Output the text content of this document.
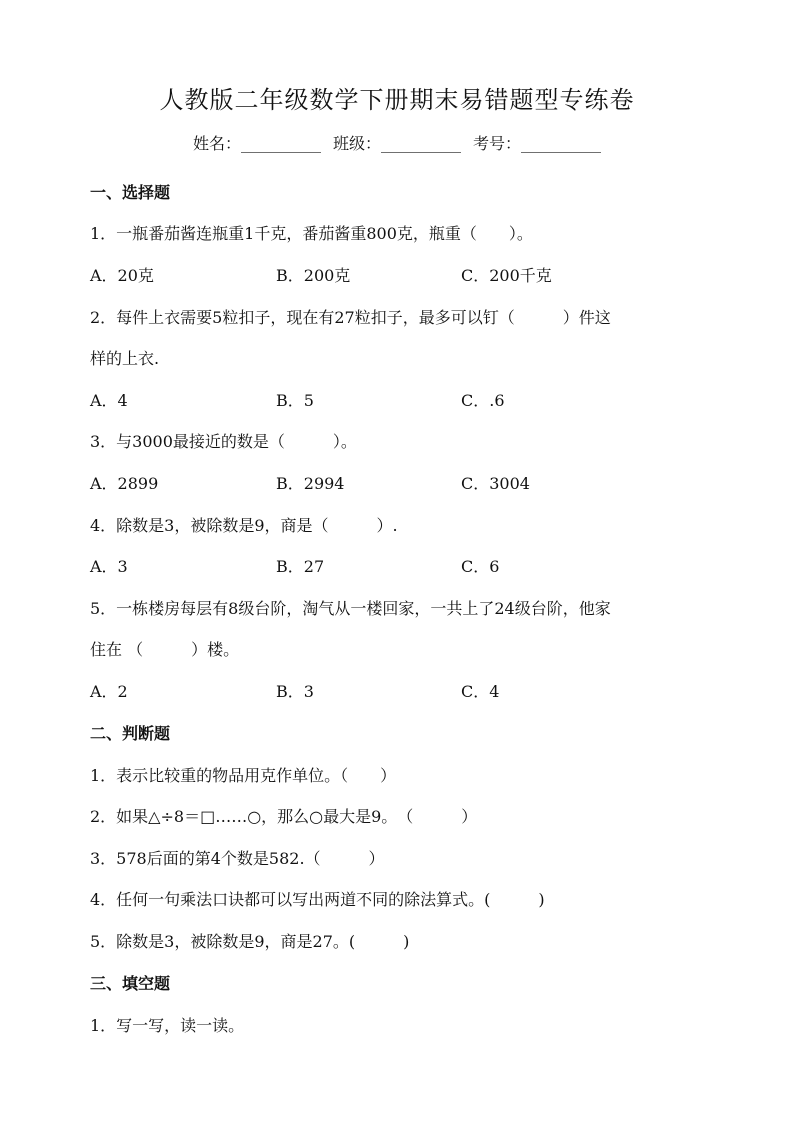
人教版二年级数学下册期末易错题型专练卷
姓名：__________ 班级：__________ 考号：__________
一、选择题
1．一瓶番茄酱连瓶重1千克，番茄酱重800克，瓶重（　　）。
A．20克	B．200克	C．200千克
2．每件上衣需要5粒扣子，现在有27粒扣子，最多可以钉（　　　）件这
样的上衣.
A．4	B．5	C．.6
3．与3000最接近的数是（　　　）。
A．2899	B．2994	C．3004
4．除数是3，被除数是9，商是（　　　）.
A．3	B．27	C．6
5．一栋楼房每层有8级台阶，淘气从一楼回家，一共上了24级台阶，他家
住在 （　　　）楼。
A．2	B．3	C．4
二、判断题
1．表示比较重的物品用克作单位。（　　）
2．如果△÷8＝□……○，那么○最大是9。　（　　　）
3．578后面的第4个数是582.（　　　）
4．任何一句乘法口诀都可以写出两道不同的除法算式。(　　　)
5．除数是3，被除数是9，商是27。(　　　)
三、填空题
1．写一写，读一读。
